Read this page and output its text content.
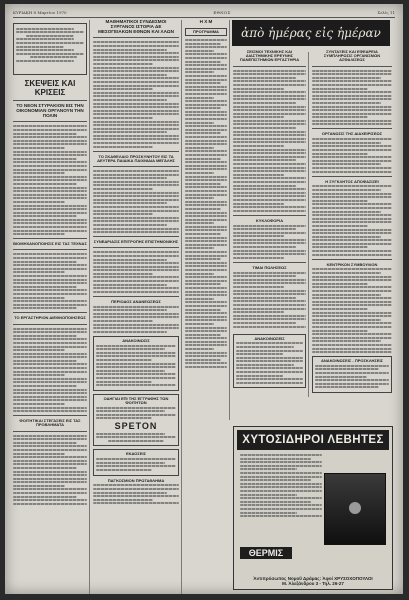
ΚΥΡΙΑΚΗ 8 Μαρτίου 1970	ΕΘΝΟΣ	Σελίς 11
ΣΚΕΨΕΙΣ ΚΑΙ ΚΡΙΣΕΙΣ
ΤΟ ΝΕΟΝ ΣΤΥΡΑΚΙΟΝ ΕΙΣ ΤΗΝ ΟΙΚΟΝΟΜΙΑΝ ΟΡΓΑΝΟΥΝ ΤΗΝ ΠΟΛΙΝ
ΒΙΟΜΗΧΑΝΟΠΟΙΗΣΙΣ ΕΙΣ ΤΑΣ ΤΕΧΝΑΣ
ΤΟ ΕΡΓΑΣΤΗΡΙΟΝ ΔΙΕΘΝΟΠΟΙΗΣΕΩΣ
ΦΟΙΤΗΤΙΚΑΙ ΣΤΕΓΑΣΕΙΣ ΕΙΣ ΤΑΣ ΠΡΟΒΛΗΜΑΤΑ
ΜΑΘΗΜΑΤΙΚΟΙ ΣΥΝΔΕΣΜΟΙ ΣΥΡΓΑΝΟΣ ΙΣΤΟΡΙΑ ΔΕ ΜΕΣΟΓΕΙΑΚΩΝ ΕΘΝΩΝ ΚΑΙ ΛΑΩΝ
ΤΟ ΣΚΑΘΕΛΑΙΟ ΠΡΟΣΚΥΝΗΤΟΥ ΕΙΣ ΤΑ ΔΕΥΤΕΡΑ ΠΑΙΔΙΚΑ ΠΑΙΧΝΙΔΙΑ ΜΕΓΑΛΗΣ
ΣΥΝΕΔΡΙΑΣΙΣ ΕΠΙΤΡΟΠΗΣ ΕΠΙΣΤΗΜΟΝΙΚΗΣ
ΠΕΡΙΟΔΟΣ ΑΝΑΝΕΩΣΕΩΣ
ΑΝΑΚΟΙΝΩΣΙΣ
ΟΔΗΓΙΑΙ ΕΠΙ ΤΗΣ ΕΓΓΡΑΦΗΣ ΤΩΝ ΦΟΙΤΗΤΩΝ
SPETON
ΕΚΔΟΣΕΙΣ
ΠΑΓΚΟΣΜΙΟΝ ΠΡΩΤΑΘΛΗΜΑ
Η Χ Μ
ΠΡΟΓΡΑΜΜΑ	ἀπὸ ἡμέρας εἰς ἡμέραν
ΣΕΙΣΜΟΙ ΤΕΧΝΙΚΗΣ ΚΑΙ ΔΙΑΣΤΗΜΙΚΗΣ ΕΡΕΥΝΗΣ ΠΑΝΕΠΙΣΤΗΜΙΩΝ ΕΡΓΑΣΤΗΡΙΑ
ΚΥΚΛΟΦΟΡΙΑ
ΤΙΜΑΙ ΠΩΛΗΣΕΩΣ
ΑΝΑΚΟΙΝΩΣΕΙΣ
ΣΥΝΤΑΞΕΙΣ ΚΑΙ ΕΦΕΔΡΕΙΑ ΣΥΜΠΛΗΡΩΣΙΣ ΟΡΓΑΝΙΣΜΩΝ ΑΣΦΑΛΙΣΕΩΣ
ΟΡΓΑΝΩΣΙΣ ΤΗΣ ΔΙΑΧΕΙΡΙΣΕΩΣ
Η ΣΥΓΚΛΗΤΟΣ ΑΠΟΦΑΣΙΖΕΙ
ΚΕΝΤΡΙΚΟΝ ΣΥΜΒΟΥΛΙΟΝ
ΑΝΑΚΟΙΝΩΣΕΙΣ - ΠΡΟΣΚΛΗΣΕΙΣ
ΧΥΤΟΣΙΔΗΡΟΙ ΛΕΒΗΤΕΣ
ΘΕΡΜΙΣ
Ἀντιπρόσωπος Νομοῦ Δράμας: Ἀφοί ΧΡΥΣΟΧΟΠΟΥΛΟΙ
Μ. Ἀλεξάνδρου 3 - Τηλ. 26-27
